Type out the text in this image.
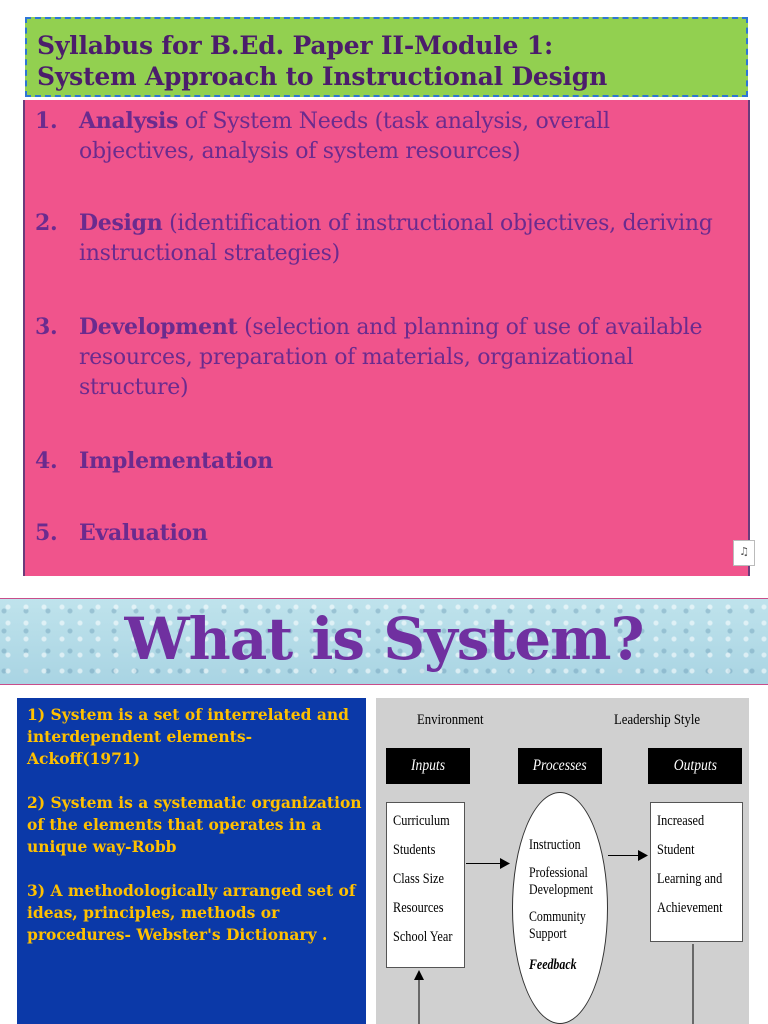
Syllabus for B.Ed. Paper II-Module 1:
System Approach to Instructional Design
1. Analysis of System Needs (task analysis, overall objectives, analysis of system resources)
2. Design (identification of instructional objectives, deriving instructional strategies)
3. Development (selection and planning of use of available resources, preparation of materials, organizational structure)
4. Implementation
5. Evaluation
♫
What is System?

1) System is a set of interrelated and interdependent elements-Ackoff(1971)

2) System is a systematic organization of the elements that operates in a unique way-Robb

3) A methodologically arranged set of ideas, principles, methods or procedures- Webster's Dictionary .

Environment	Leadership Style
Inputs	Processes	Outputs
Curriculum
Students
Class Size
Resources
School Year
Instruction
Professional
Development
Community
Support
Feedback
Increased
Student
Learning and
Achievement
